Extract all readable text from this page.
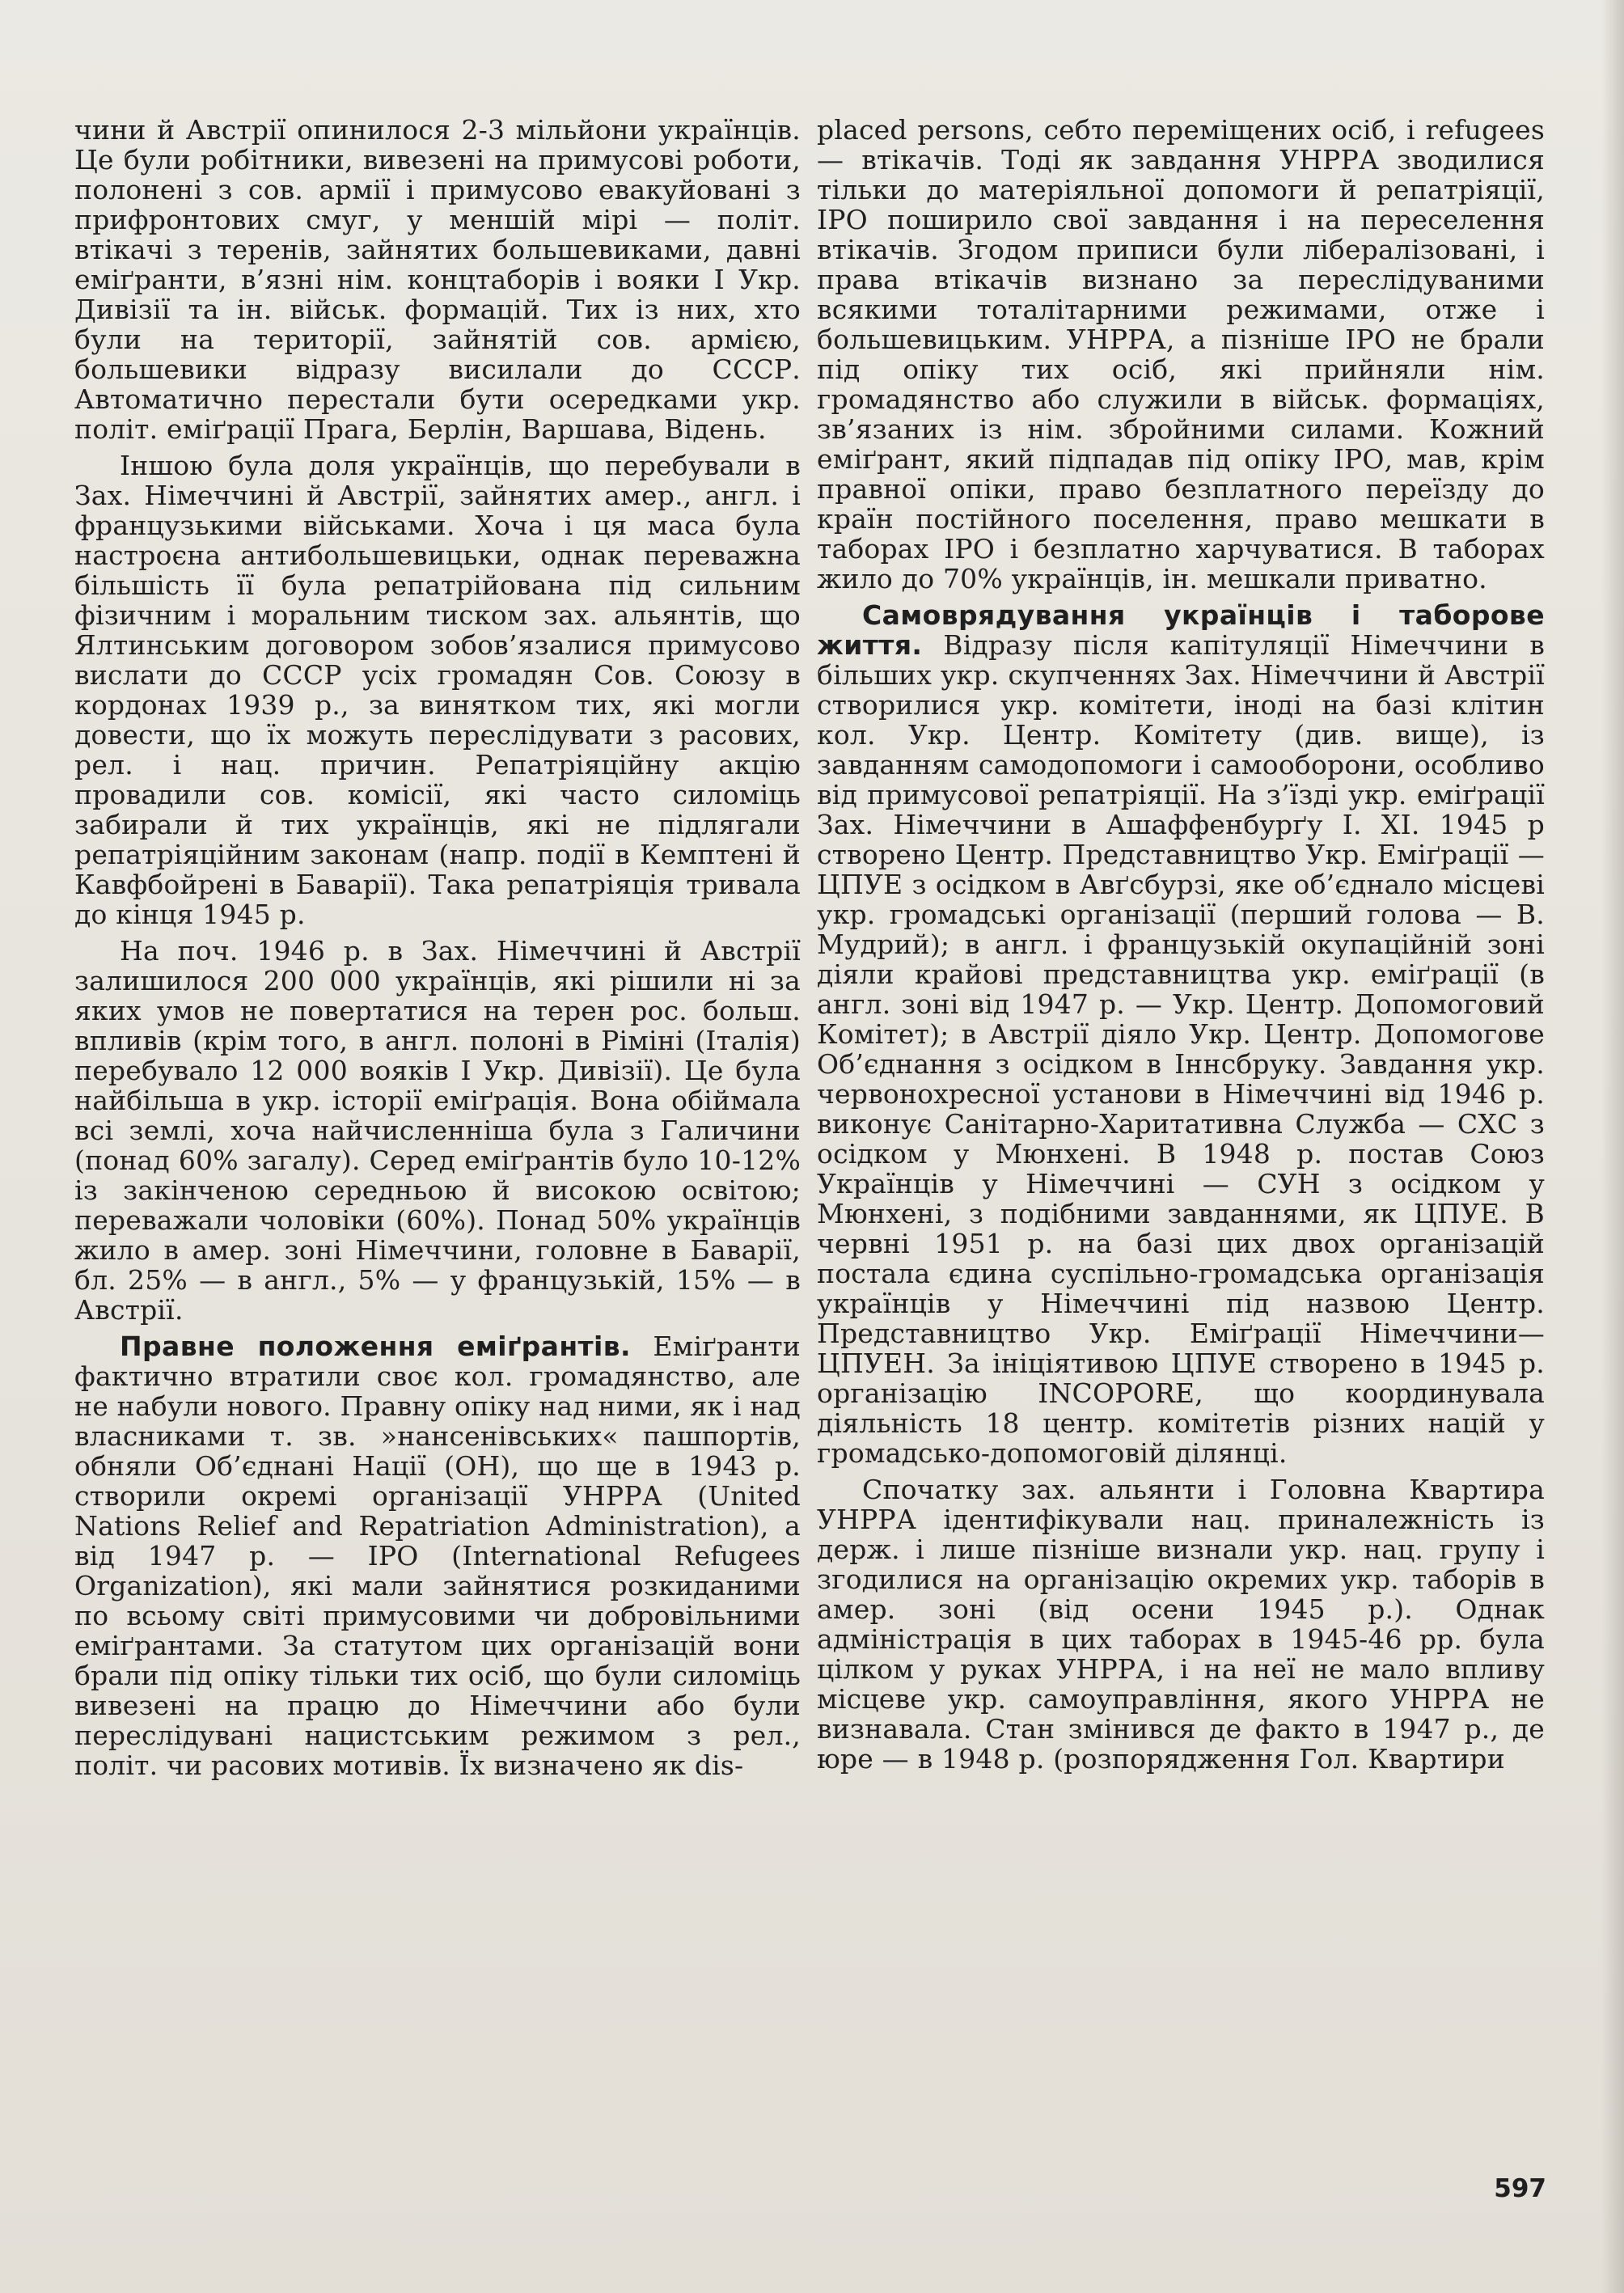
чини й Австрії опинилося 2-3 мільйони українців. Це були робітники, вивезені на примусові роботи, полонені з сов. армії і примусово евакуйовані з прифронтових смуг, у меншій мірі — політ. втікачі з теренів, зайнятих большевиками, давні еміґранти, в’язні нім. концтаборів і вояки І Укр. Дивізії та ін. військ. формацій. Тих із них, хто були на території, зайнятій сов. армією, большевики відразу висилали до СССР. Автоматично перестали бути осередками укр. політ. еміґрації Прага, Берлін, Варшава, Відень.

Іншою була доля українців, що перебували в Зах. Німеччині й Австрії, зайнятих амер., англ. і французькими військами. Хоча і ця маса була настроєна антибольшевицьки, однак переважна більшість її була репатрійована під сильним фізичним і моральним тиском зах. альянтів, що Ялтинським договором зобов’язалися примусово вислати до СССР усіх громадян Сов. Союзу в кордонах 1939 р., за винятком тих, які могли довести, що їх можуть переслідувати з расових, рел. і нац. причин. Репатріяційну акцію провадили сов. комісії, які часто силоміць забирали й тих українців, які не підлягали репатріяційним законам (напр. події в Кемптені й Кавфбойрені в Баварії). Така репатріяція тривала до кінця 1945 р.

На поч. 1946 р. в Зах. Німеччині й Австрії залишилося 200 000 українців, які рішили ні за яких умов не повертатися на терен рос. больш. впливів (крім того, в англ. полоні в Ріміні (Італія) перебувало 12 000 вояків І Укр. Дивізії). Це була найбільша в укр. історії еміґрація. Вона обіймала всі землі, хоча найчисленніша була з Галичини (понад 60% загалу). Серед еміґрантів було 10-12% із закінченою середньою й високою освітою; переважали чоловіки (60%). Понад 50% українців жило в амер. зоні Німеччини, головне в Баварії, бл. 25% — в англ., 5% — у французькій, 15% — в Австрії.

Правне положення еміґрантів. Еміґранти фактично втратили своє кол. громадянство, але не набули нового. Правну опіку над ними, як і над власниками т. зв. »нансенівських« пашпортів, обняли Об’єднані Нації (ОН), що ще в 1943 р. створили окремі організації УНРРА (United Nations Relief and Repatriation Administration), а від 1947 р. — ІРО (International Refugees Organization), які мали зайнятися розкиданими по всьому світі примусовими чи добровільними еміґрантами. За статутом цих організацій вони брали під опіку тільки тих осіб, що були силоміць вивезені на працю до Німеччини або були переслідувані нацистським режимом з рел., політ. чи расових мотивів. Їх визначено як dis-

placed persons, себто переміщених осіб, і refugees — втікачів. Тоді як завдання УНРРА зводилися тільки до матеріяльної допомоги й репатріяції, ІРО поширило свої завдання і на переселення втікачів. Згодом приписи були лібералізовані, і права втікачів визнано за переслідуваними всякими тоталітарними режимами, отже і большевицьким. УНРРА, а пізніше ІРО не брали під опіку тих осіб, які прийняли нім. громадянство або служили в військ. формаціях, зв’язаних із нім. збройними силами. Кожний еміґрант, який підпадав під опіку ІРО, мав, крім правної опіки, право безплатного переїзду до країн постійного поселення, право мешкати в таборах ІРО і безплатно харчуватися. В таборах жило до 70% українців, ін. мешкали приватно.

Самоврядування українців і таборове життя. Відразу після капітуляції Німеччини в більших укр. скупченнях Зах. Німеччини й Австрії створилися укр. комітети, іноді на базі клітин кол. Укр. Центр. Комітету (див. вище), із завданням самодопомоги і самооборони, особливо від примусової репатріяції. На з’їзді укр. еміґрації Зах. Німеччини в Ашаффенбурґу І. XI. 1945 р створено Центр. Представництво Укр. Еміґрації — ЦПУЕ з осідком в Авґсбурзі, яке об’єднало місцеві укр. громадські організації (перший голова — В. Мудрий); в англ. і французькій окупаційній зоні діяли крайові представництва укр. еміґрації (в англ. зоні від 1947 р. — Укр. Центр. Допомоговий Комітет); в Австрії діяло Укр. Центр. Допомогове Об’єднання з осідком в Іннсбруку. Завдання укр. червонохресної установи в Німеччині від 1946 р. виконує Санітарно-Харитативна Служба — СХС з осідком у Мюнхені. В 1948 р. постав Союз Українців у Німеччині — СУН з осідком у Мюнхені, з подібними завданнями, як ЦПУЕ. В червні 1951 р. на базі цих двох організацій постала єдина суспільно-громадська організація українців у Німеччині під назвою Центр. Представництво Укр. Еміґрації Німеччини—ЦПУЕН. За ініціятивою ЦПУЕ створено в 1945 р. організацію INCOPORE, що координувала діяльність 18 центр. комітетів різних націй у громадсько-допомоговій ділянці.

Спочатку зах. альянти і Головна Квартира УНРРА ідентифікували нац. приналежність із держ. і лише пізніше визнали укр. нац. групу і згодилися на організацію окремих укр. таборів в амер. зоні (від осени 1945 р.). Однак адміністрація в цих таборах в 1945-46 рр. була цілком у руках УНРРА, і на неї не мало впливу місцеве укр. самоуправління, якого УНРРА не визнавала. Стан змінився де факто в 1947 р., де юре — в 1948 р. (розпорядження Гол. Квартири

597
